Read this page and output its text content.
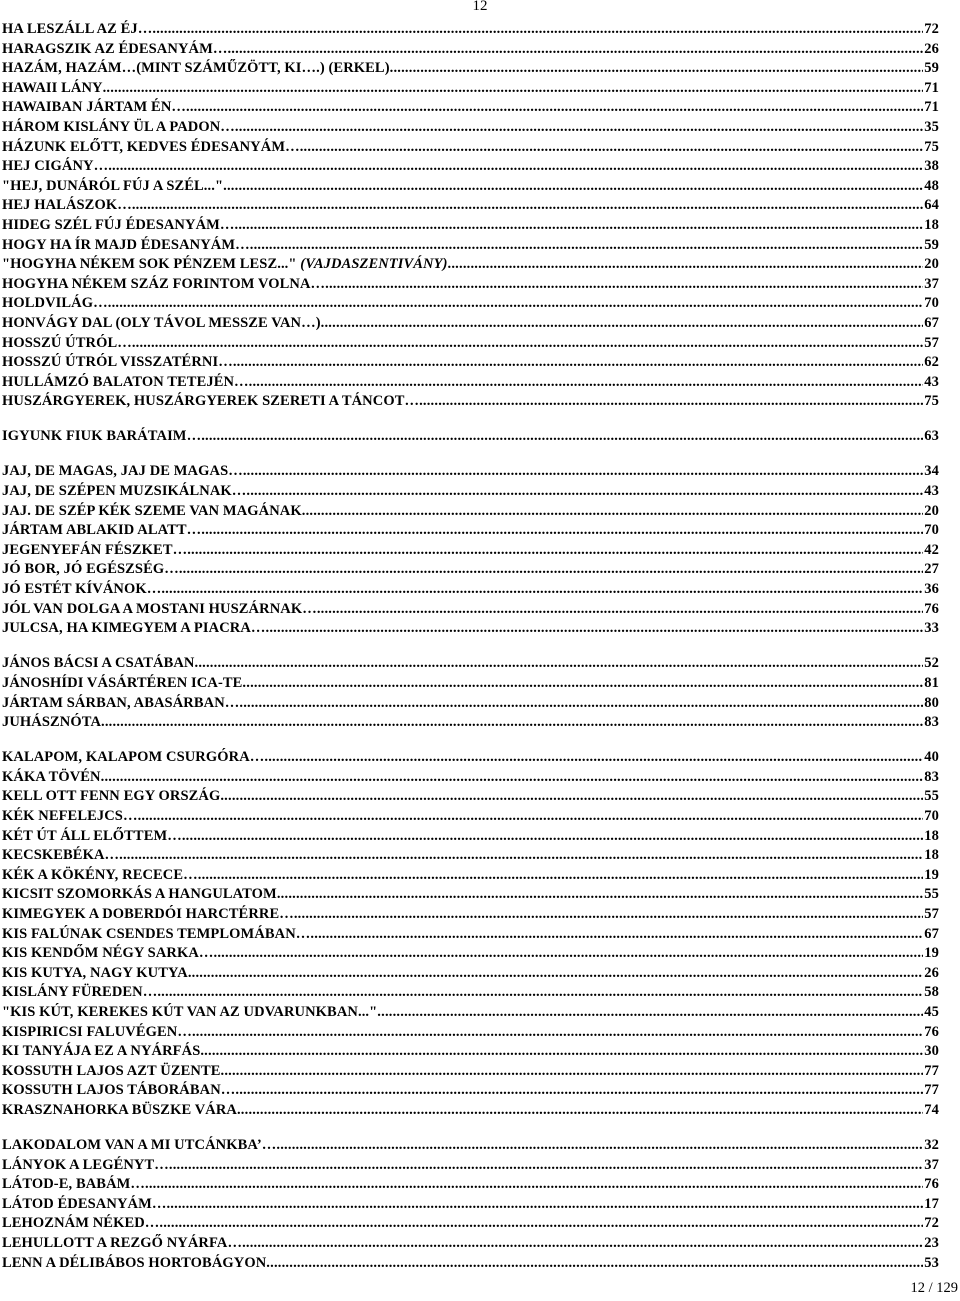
12
HA LESZÁLL AZ ÉJ… .....	72
HARAGSZIK AZ ÉDESANYÁM… .....	26
HAZÁM, HAZÁM…(MINT SZÁMŰZÖTT, KI….) (ERKEL) .....	59
HAWAII LÁNY .....	71
HAWAIBAN JÁRTAM ÉN… .....	71
HÁROM KISLÁNY ÜL A PADON… .....	35
HÁZUNK ELŐTT, KEDVES ÉDESANYÁM… .....	75
HEJ CIGÁNY… .....	38
"HEJ, DUNÁRÓL FÚJ A SZÉL..." .....	48
HEJ HALÁSZOK… .....	64
HIDEG SZÉL FÚJ ÉDESANYÁM… .....	18
HOGY HA ÍR MAJD ÉDESANYÁM… .....	59
"HOGYHA NÉKEM SOK PÉNZEM LESZ..." (VAJDASZENTIVÁNY) .....	20
HOGYHA NÉKEM SZÁZ FORINTOM VOLNA… .....	37
HOLDVILÁG… .....	70
HONVÁGY DAL (OLY TÁVOL MESSZE VAN…) .....	67
HOSSZÚ ÚTRÓL… .....	57
HOSSZÚ ÚTRÓL VISSZATÉRNI… .....	62
HULLÁMZÓ BALATON TETEJÉN… .....	43
HUSZÁRGYEREK, HUSZÁRGYEREK SZERETI A TÁNCOT… .....	75
IGYUNK FIUK BARÁTAIM… .....	63
JAJ, DE MAGAS, JAJ DE MAGAS… .....	34
JAJ, DE SZÉPEN MUZSIKÁLNAK… .....	43
JAJ. DE SZÉP KÉK SZEME VAN MAGÁNAK .....	20
JÁRTAM ABLAKID ALATT… .....	70
JEGENYEFÁN FÉSZKET… .....	42
JÓ BOR, JÓ EGÉSZSÉG… .....	27
JÓ ESTÉT KÍVÁNOK… .....	36
JÓL VAN DOLGA A MOSTANI HUSZÁRNAK… .....	76
JULCSA, HA KIMEGYEM A PIACRA… .....	33
JÁNOS BÁCSI A CSATÁBAN .....	52
JÁNOSHÍDI VÁSÁRTÉREN ICA-TE .....	81
JÁRTAM SÁRBAN, ABASÁRBAN… .....	80
JUHÁSZNÓTA .....	83
KALAPOM, KALAPOM CSURGÓRA… .....	40
KÁKA TÖVÉN .....	83
KELL OTT FENN EGY ORSZÁG .....	55
KÉK NEFELEJCS… .....	70
KÉT ÚT ÁLL ELŐTTEM… .....	18
KECSKEBÉKA… .....	18
KÉK A KÖKÉNY, RECECE… .....	19
KICSIT SZOMORKÁS A HANGULATOM .....	55
KIMEGYEK A DOBERDÓI HARCTÉRRE… .....	57
KIS FALÚNAK CSENDES TEMPLOMÁBAN… .....	67
KIS KENDŐM NÉGY SARKA… .....	19
KIS KUTYA, NAGY KUTYA .....	26
KISLÁNY FÜREDEN… .....	58
"KIS KÚT, KEREKES KÚT VAN AZ UDVARUNKBAN..." .....	45
KISPIRICSI FALUVÉGEN… .....	76
KI TANYÁJA EZ A NYÁRFÁS .....	30
KOSSUTH LAJOS AZT ÜZENTE .....	77
KOSSUTH LAJOS TÁBORÁBAN… .....	77
KRASZNAHORKA BÜSZKE VÁRA .....	74
LAKODALOM VAN A MI UTCÁNKBA’… .....	32
LÁNYOK A LEGÉNYT… .....	37
LÁTOD-E, BABÁM… .....	76
LÁTOD ÉDESANYÁM… .....	17
LEHOZNÁM NÉKED… .....	72
LEHULLOTT A REZGŐ NYÁRFA… .....	23
LENN A DÉLIBÁBOS HORTOBÁGYON .....	53
12 / 129
